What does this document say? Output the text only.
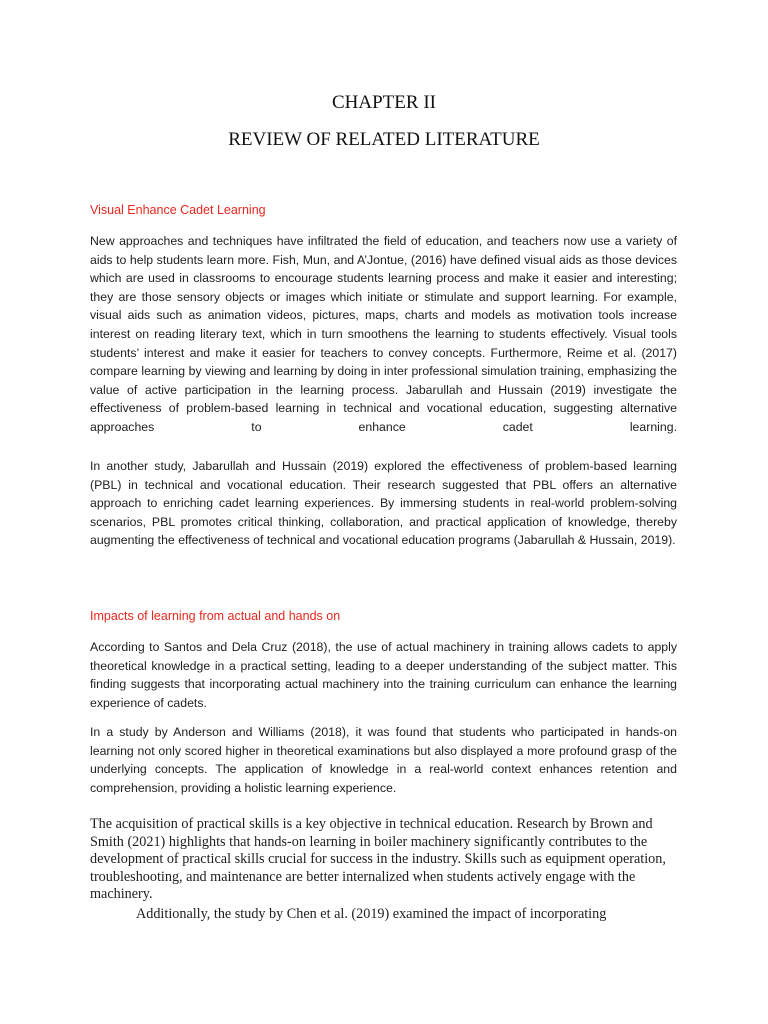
CHAPTER II
REVIEW OF RELATED LITERATURE
Visual Enhance Cadet Learning

New approaches and techniques have infiltrated the field of education, and teachers now use a variety of aids to help students learn more. Fish, Mun, and A’Jontue, (2016) have defined visual aids as those devices which are used in classrooms to encourage students learning process and make it easier and interesting; they are those sensory objects or images which initiate or stimulate and support learning. For example, visual aids such as animation videos, pictures, maps, charts and models as motivation tools increase interest on reading literary text, which in turn smoothens the learning to students effectively. Visual tools students’ interest and make it easier for teachers to convey concepts. Furthermore, Reime et al. (2017) compare learning by viewing and learning by doing in inter professional simulation training, emphasizing the value of active participation in the learning process. Jabarullah and Hussain (2019) investigate the effectiveness of problem-based learning in technical and vocational education, suggesting alternative approaches to enhance cadet learning.

In another study, Jabarullah and Hussain (2019) explored the effectiveness of problem-based learning (PBL) in technical and vocational education. Their research suggested that PBL offers an alternative approach to enriching cadet learning experiences. By immersing students in real-world problem-solving scenarios, PBL promotes critical thinking, collaboration, and practical application of knowledge, thereby augmenting the effectiveness of technical and vocational education programs (Jabarullah & Hussain, 2019).

Impacts of learning from actual and hands on

According to Santos and Dela Cruz (2018), the use of actual machinery in training allows cadets to apply theoretical knowledge in a practical setting, leading to a deeper understanding of the subject matter. This finding suggests that incorporating actual machinery into the training curriculum can enhance the learning experience of cadets.

In a study by Anderson and Williams (2018), it was found that students who participated in hands-on learning not only scored higher in theoretical examinations but also displayed a more profound grasp of the underlying concepts. The application of knowledge in a real-world context enhances retention and comprehension, providing a holistic learning experience.

The acquisition of practical skills is a key objective in technical education. Research by Brown and Smith (2021) highlights that hands-on learning in boiler machinery significantly contributes to the development of practical skills crucial for success in the industry. Skills such as equipment operation, troubleshooting, and maintenance are better internalized when students actively engage with the machinery.

Additionally, the study by Chen et al. (2019) examined the impact of incorporating
